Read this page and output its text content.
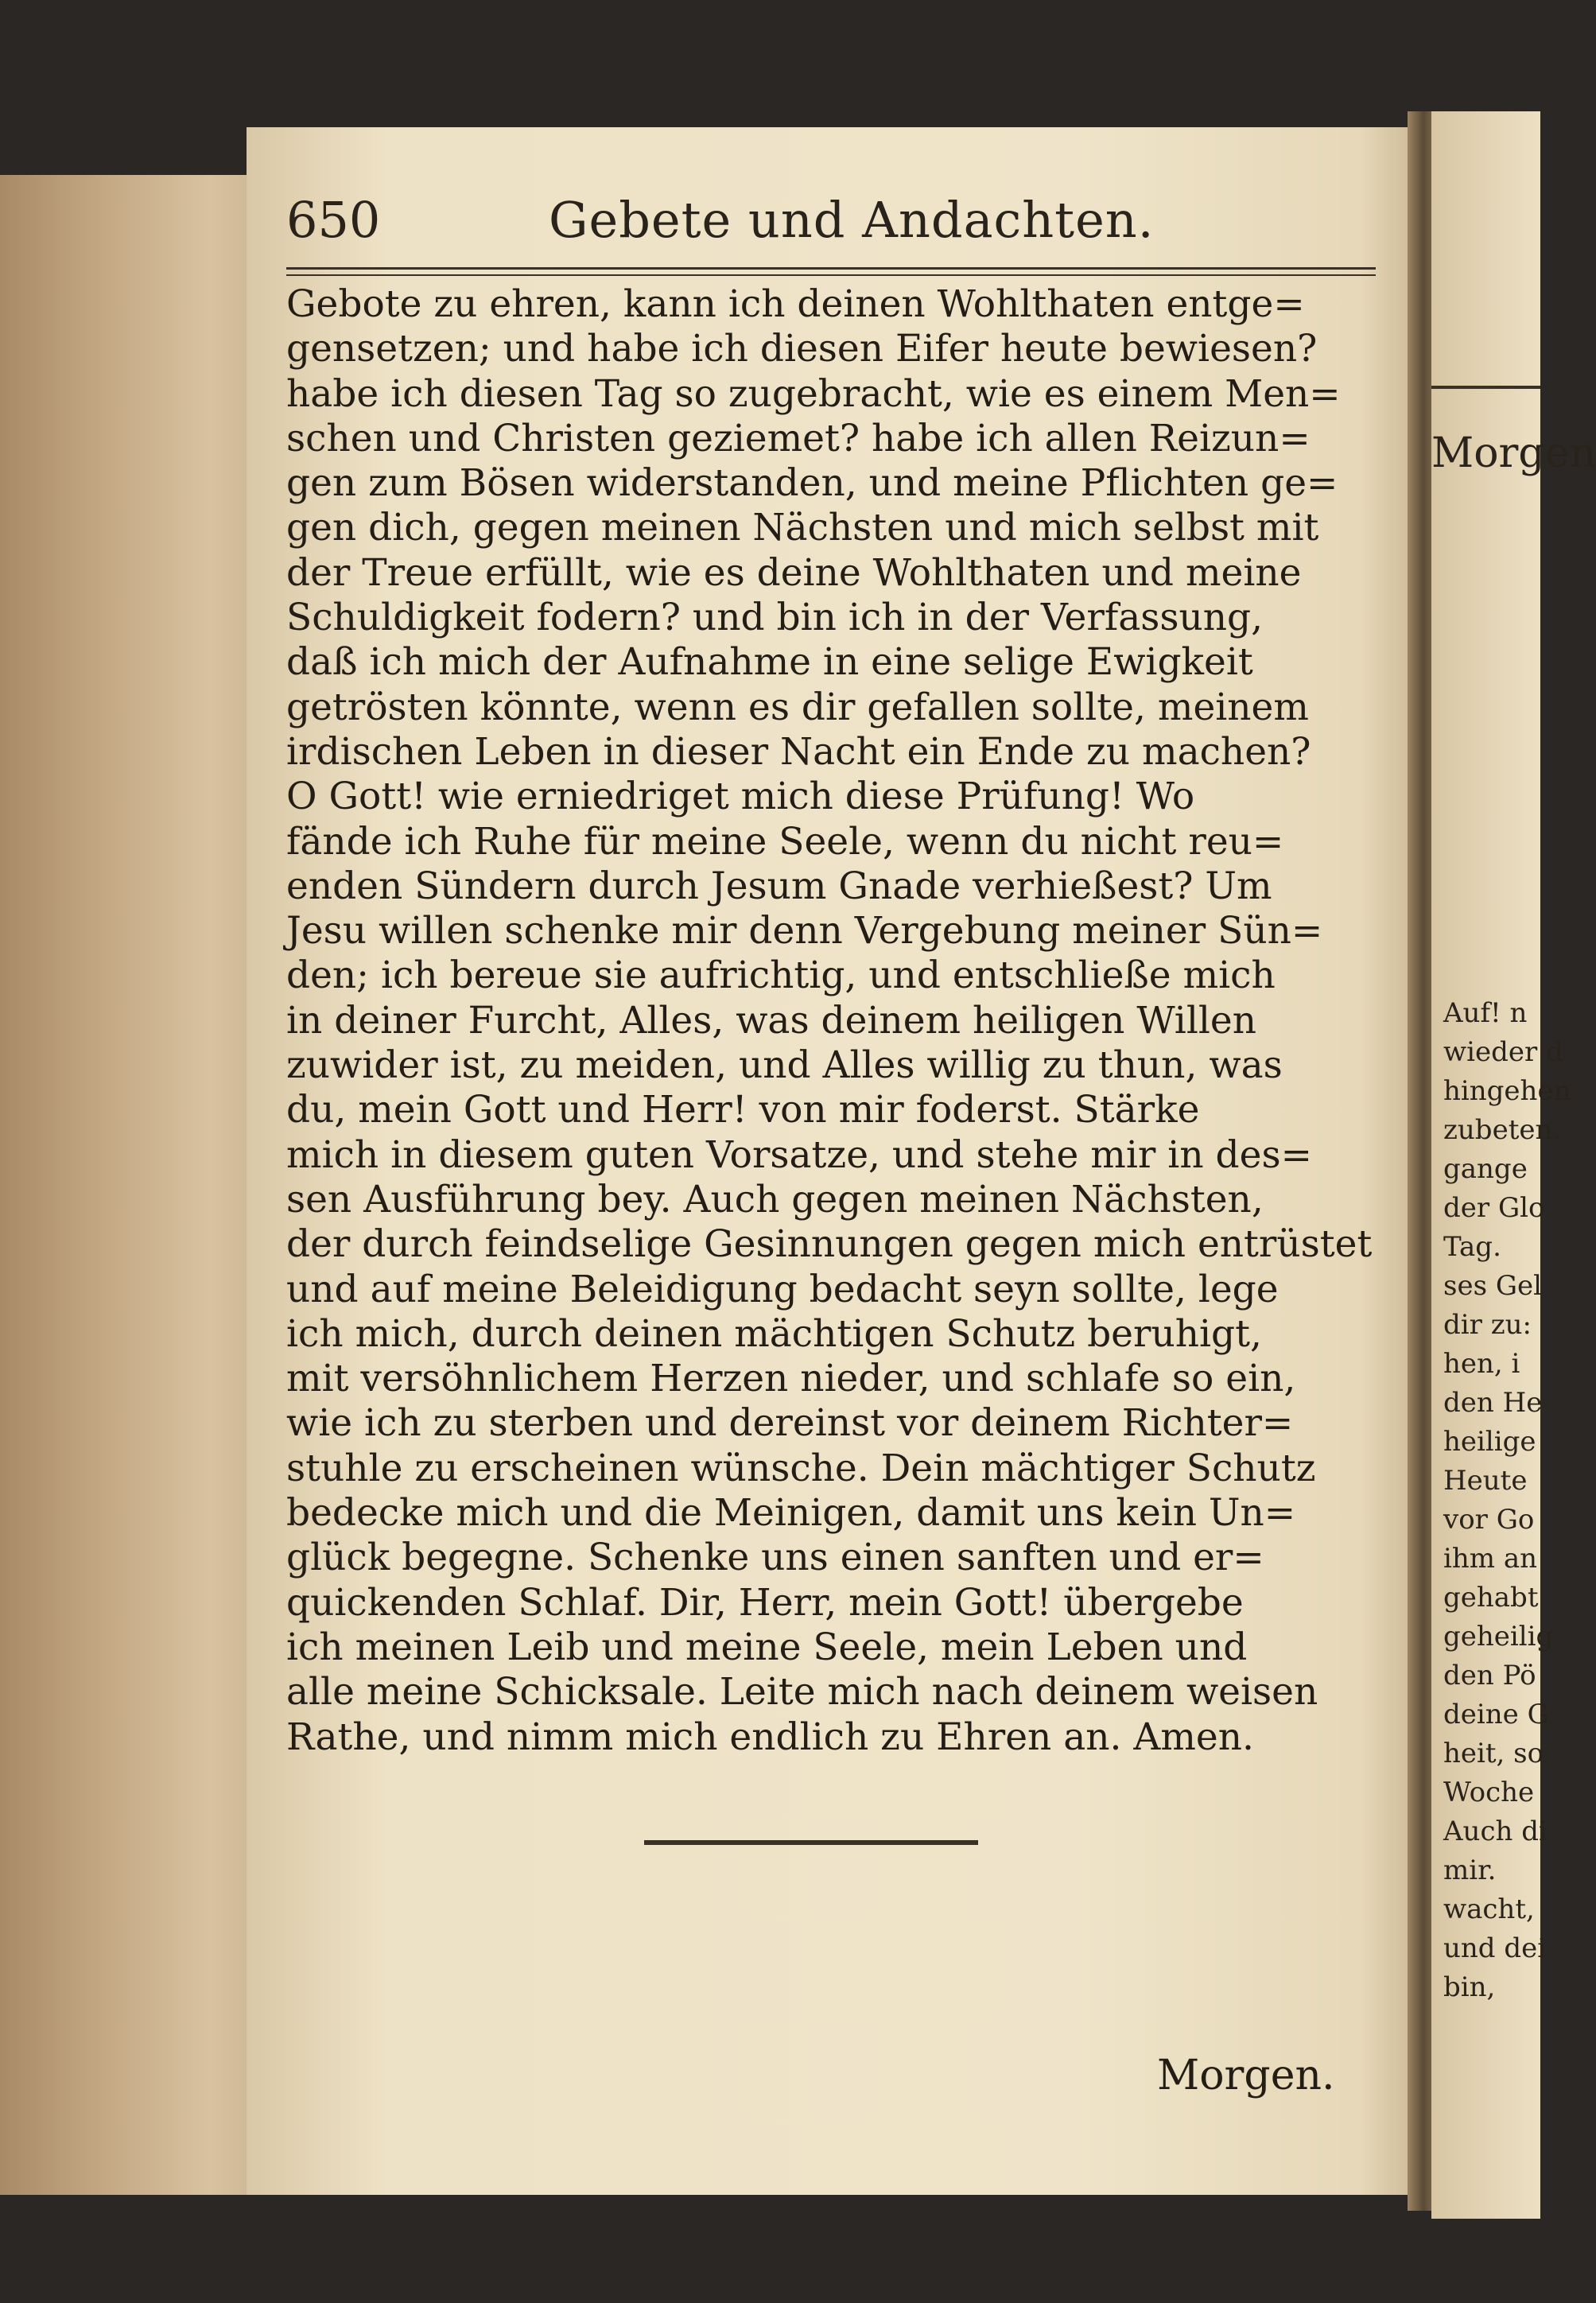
650	Gebete und Andachten.
Gebote zu ehren, kann ich deinen Wohlthaten entge=
gensetzen; und habe ich diesen Eifer heute bewiesen?
habe ich diesen Tag so zugebracht, wie es einem Men=
schen und Christen geziemet? habe ich allen Reizun=
gen zum Bösen widerstanden, und meine Pflichten ge=
gen dich, gegen meinen Nächsten und mich selbst mit
der Treue erfüllt, wie es deine Wohlthaten und meine
Schuldigkeit fodern? und bin ich in der Verfassung,
daß ich mich der Aufnahme in eine selige Ewigkeit
getrösten könnte, wenn es dir gefallen sollte, meinem
irdischen Leben in dieser Nacht ein Ende zu machen?
O Gott! wie erniedriget mich diese Prüfung! Wo
fände ich Ruhe für meine Seele, wenn du nicht reu=
enden Sündern durch Jesum Gnade verhießest? Um
Jesu willen schenke mir denn Vergebung meiner Sün=
den; ich bereue sie aufrichtig, und entschließe mich
in deiner Furcht, Alles, was deinem heiligen Willen
zuwider ist, zu meiden, und Alles willig zu thun, was
du, mein Gott und Herr! von mir foderst. Stärke
mich in diesem guten Vorsatze, und stehe mir in des=
sen Ausführung bey. Auch gegen meinen Nächsten,
der durch feindselige Gesinnungen gegen mich entrüstet
und auf meine Beleidigung bedacht seyn sollte, lege
ich mich, durch deinen mächtigen Schutz beruhigt,
mit versöhnlichem Herzen nieder, und schlafe so ein,
wie ich zu sterben und dereinst vor deinem Richter=
stuhle zu erscheinen wünsche. Dein mächtiger Schutz
bedecke mich und die Meinigen, damit uns kein Un=
glück begegne. Schenke uns einen sanften und er=
quickenden Schlaf. Dir, Herr, mein Gott! übergebe
ich meinen Leib und meine Seele, mein Leben und
alle meine Schicksale. Leite mich nach deinem weisen
Rathe, und nimm mich endlich zu Ehren an. Amen.
Morgen.
Morgen
Auf! n
wieder d
hingehen
zubeten.
gange
der Glo
Tag.
ses Gel
dir zu:
hen, i
den He
heilige
Heute
vor Go
ihm an
gehabt
geheilig
den Pö
deine G
heit, so
Woche
Auch di
mir.
wacht,
und dei
bin,
